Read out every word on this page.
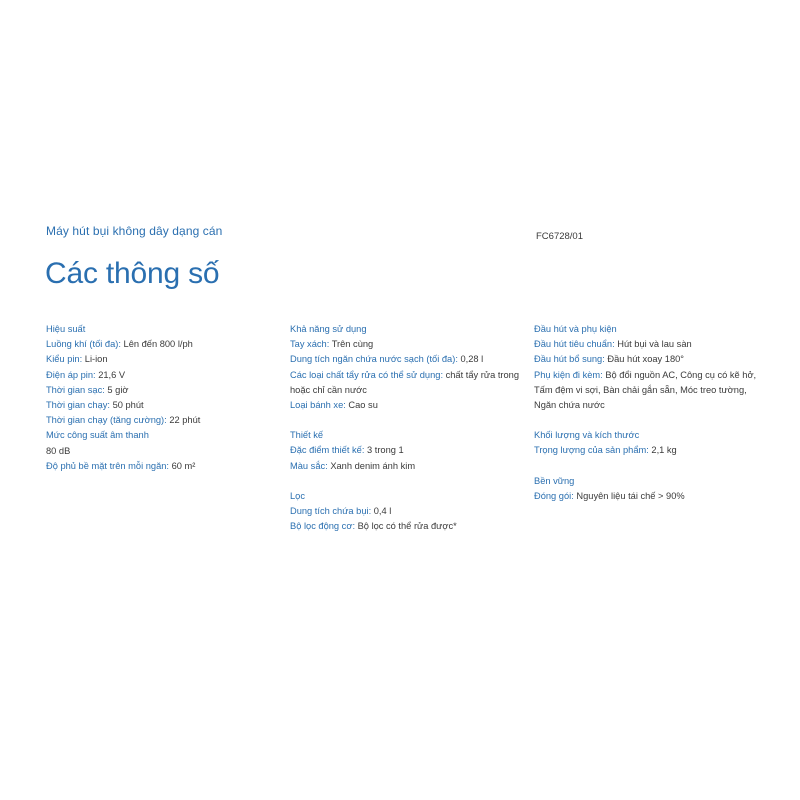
Máy hút bụi không dây dạng cán	FC6728/01
Các thông số
Hiệu suất
Luồng khí (tối đa): Lên đến 800 l/ph
Kiểu pin: Li-ion
Điện áp pin: 21,6 V
Thời gian sạc: 5 giờ
Thời gian chạy: 50 phút
Thời gian chạy (tăng cường): 22 phút
Mức công suất âm thanh
80 dB
Độ phủ bề mặt trên mỗi ngăn: 60 m²
Khả năng sử dụng
Tay xách: Trên cùng
Dung tích ngăn chứa nước sạch (tối đa): 0,28 l
Các loại chất tẩy rửa có thể sử dụng: chất tẩy rửa trong hoặc chỉ cần nước
Loại bánh xe: Cao su
Thiết kế
Đặc điểm thiết kế: 3 trong 1
Màu sắc: Xanh denim ánh kim
Lọc
Dung tích chứa bụi: 0,4 l
Bộ lọc động cơ: Bộ lọc có thể rửa được*
Đầu hút và phụ kiện
Đầu hút tiêu chuẩn: Hút bụi và lau sàn
Đầu hút bổ sung: Đầu hút xoay 180°
Phụ kiện đi kèm: Bộ đổi nguồn AC, Công cụ có kẽ hở, Tấm đệm vi sợi, Bàn chải gắn sẵn, Móc treo tường, Ngăn chứa nước
Khối lượng và kích thước
Trọng lượng của sản phẩm: 2,1 kg
Bền vững
Đóng gói: Nguyên liệu tái chế > 90%
